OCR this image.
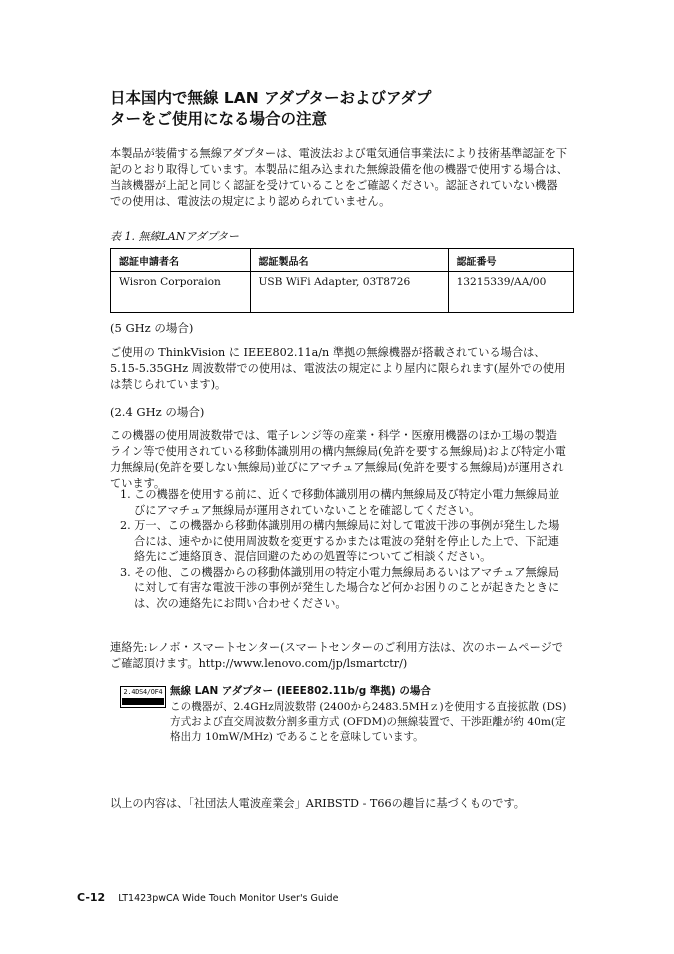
日本国内で無線 LAN アダプターおよびアダプ
ターをご使用になる場合の注意

本製品が装備する無線アダプターは、電波法および電気通信事業法により技術基準認証を下記のとおり取得しています。本製品に組み込まれた無線設備を他の機器で使用する場合は、当該機器が上記と同じく認証を受けていることをご確認ください。認証されていない機器での使用は、電波法の規定により認められていません。

表 1. 無線LANアダプター

認証申請者名	認証製品名	認証番号
Wisron Corporaion	USB WiFi Adapter, 03T8726	13215339/AA/00

(5 GHz の場合)

ご使用の ThinkVision に IEEE802.11a/n 準拠の無線機器が搭載されている場合は、5.15-5.35GHz 周波数帯での使用は、電波法の規定により屋内に限られます(屋外での使用は禁じられています)。

(2.4 GHz の場合)

この機器の使用周波数帯では、電子レンジ等の産業・科学・医療用機器のほか工場の製造ライン等で使用されている移動体識別用の構内無線局(免許を要する無線局)および特定小電力無線局(免許を要しない無線局)並びにアマチュア無線局(免許を要する無線局)が運用されています。

1. この機器を使用する前に、近くで移動体識別用の構内無線局及び特定小電力無線局並びにアマチュア無線局が運用されていないことを確認してください。
2. 万一、この機器から移動体識別用の構内無線局に対して電波干渉の事例が発生した場合には、速やかに使用周波数を変更するかまたは電波の発射を停止した上で、下記連絡先にご連絡頂き、混信回避のための処置等についてご相談ください。
3. その他、この機器からの移動体識別用の特定小電力無線局あるいはアマチュア無線局に対して有害な電波干渉の事例が発生した場合など何かお困りのことが起きたときには、次の連絡先にお問い合わせください。

連絡先:レノボ・スマートセンター(スマートセンターのご利用方法は、次のホームページでご確認頂けます。http://www.lenovo.com/jp/lsmartctr/)

2.4DS4/OF4 無線 LAN アダプター (IEEE802.11b/g 準拠) の場合

この機器が、2.4GHz周波数帯 (2400から2483.5MHｚ)を使用する直接拡散 (DS)方式および直交周波数分割多重方式 (OFDM)の無線装置で、干渉距離が約 40m(定格出力 10mW/MHz) であることを意味しています。

以上の内容は、「社団法人電波産業会」ARIBSTD - T66の趣旨に基づくものです。

C-12 LT1423pwCA Wide Touch Monitor User's Guide
